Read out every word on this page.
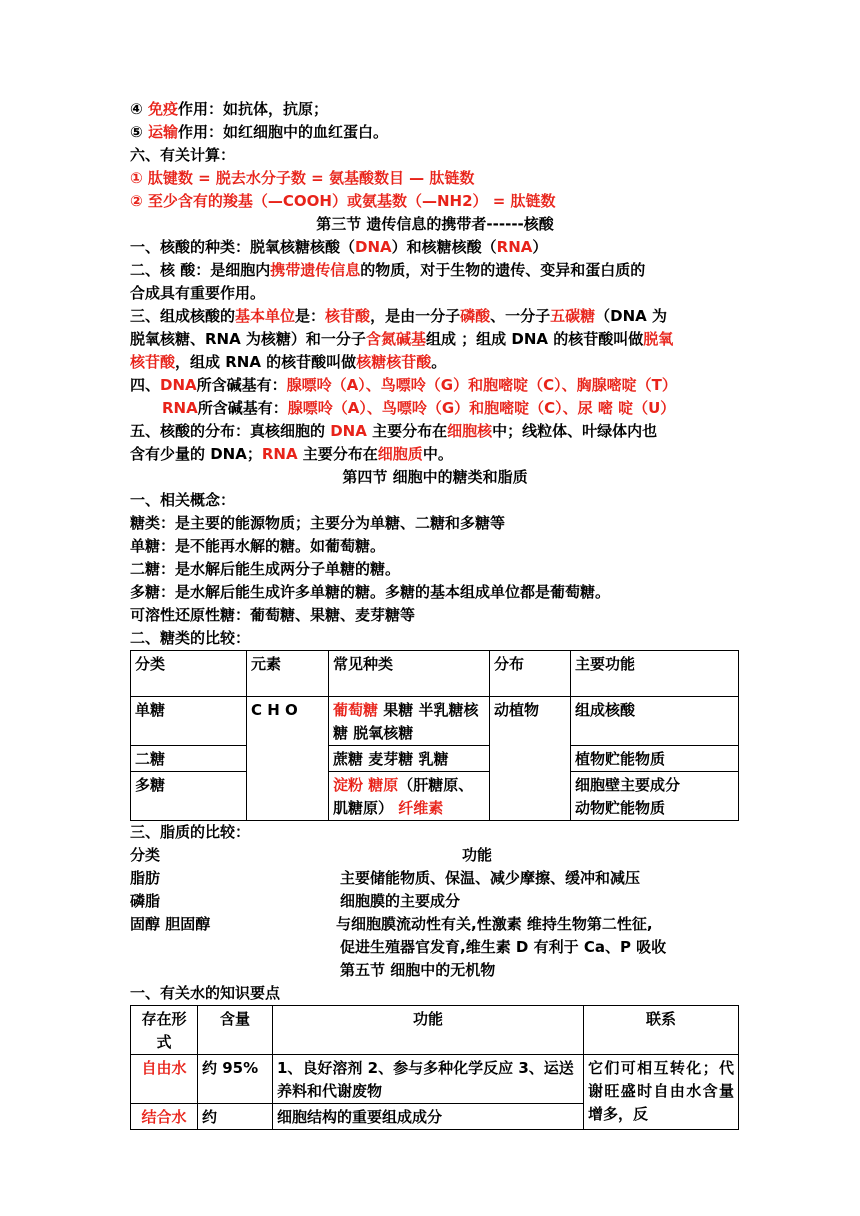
④ 免疫作用：如抗体，抗原；
⑤ 运输作用：如红细胞中的血红蛋白。
六、有关计算：
① 肽键数 = 脱去水分子数 = 氨基酸数目 — 肽链数
② 至少含有的羧基（—COOH）或氨基数（—NH2） = 肽链数
第三节 遗传信息的携带者------核酸
一、核酸的种类：脱氧核糖核酸（DNA）和核糖核酸（RNA）
二、核 酸：是细胞内携带遗传信息的物质，对于生物的遗传、变异和蛋白质的
合成具有重要作用。
三、组成核酸的基本单位是：核苷酸，是由一分子磷酸、一分子五碳糖（DNA 为
脱氧核糖、RNA 为核糖）和一分子含氮碱基组成 ；组成 DNA 的核苷酸叫做脱氧
核苷酸，组成 RNA 的核苷酸叫做核糖核苷酸。
四、DNA所含碱基有：腺嘌呤（A）、鸟嘌呤（G）和胞嘧啶（C）、胸腺嘧啶（T）
RNA所含碱基有：腺嘌呤（A）、鸟嘌呤（G）和胞嘧啶（C）、尿 嘧 啶（U）
五、核酸的分布：真核细胞的 DNA 主要分布在细胞核中；线粒体、叶绿体内也
含有少量的 DNA；RNA 主要分布在细胞质中。
第四节 细胞中的糖类和脂质
一、相关概念：
糖类：是主要的能源物质；主要分为单糖、二糖和多糖等
单糖：是不能再水解的糖。如葡萄糖。
二糖：是水解后能生成两分子单糖的糖。
多糖：是水解后能生成许多单糖的糖。多糖的基本组成单位都是葡萄糖。
可溶性还原性糖：葡萄糖、果糖、麦芽糖等
二、糖类的比较：
分类	元素	常见种类	分布	主要功能
单糖	C H O	葡萄糖 果糖 半乳糖核糖 脱氧核糖	动植物	组成核酸
二糖		蔗糖 麦芽糖 乳糖		植物贮能物质
多糖		淀粉 糖原（肝糖原、肌糖原） 纤维素		细胞壁主要成分
动物贮能物质
三、脂质的比较：
分类	功能
脂肪	主要储能物质、保温、减少摩擦、缓冲和减压
磷脂	细胞膜的主要成分
固醇 胆固醇	与细胞膜流动性有关,性激素 维持生物第二性征,
促进生殖器官发育,维生素 D 有利于 Ca、P 吸收
第五节 细胞中的无机物
一、有关水的知识要点
存在形式	含量	功能	联系
自由水	约 95%	1、良好溶剂 2、参与多种化学反应 3、运送养料和代谢废物	它们可相互转化；代谢旺盛时自由水含量增多，反
结合水	约	细胞结构的重要组成成分	
